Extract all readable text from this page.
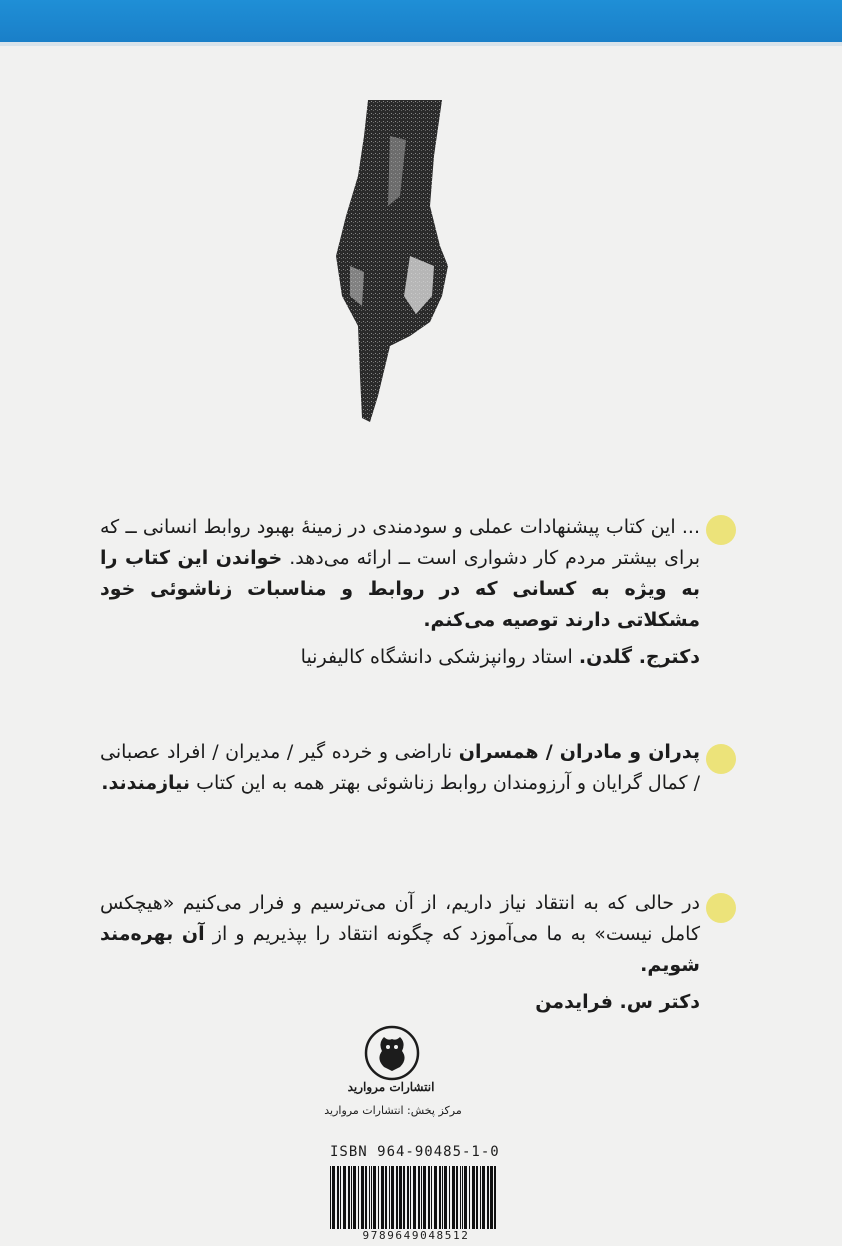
... این کتاب پیشنهادات عملی و سودمندی در زمینهٔ بهبود روابط انسانی ــ که برای بیشتر مردم کار دشواری است ــ ارائه می‌دهد. خواندن این کتاب را به ویژه به کسانی که در روابط و مناسبات زناشوئی خود مشکلاتی دارند توصیه می‌کنم.

دکترج. گلدن. استاد روانپزشکی دانشگاه کالیفرنیا

پدران و مادران / همسران ناراضی و خرده گیر / مدیران / افراد عصبانی / کمال گرایان و آرزومندان روابط زناشوئی بهتر همه به این کتاب نیازمندند.

در حالی که به انتقاد نیاز داریم، از آن می‌ترسیم و فرار می‌کنیم «هیچکس کامل نیست» به ما می‌آموزد که چگونه انتقاد را بپذیریم و از آن بهره‌مند شویم.

دکتر س. فرایدمن

انتشارات مروارید
مرکز پخش: انتشارات مروارید
ISBN 964-90485-1-0
9789649048512
